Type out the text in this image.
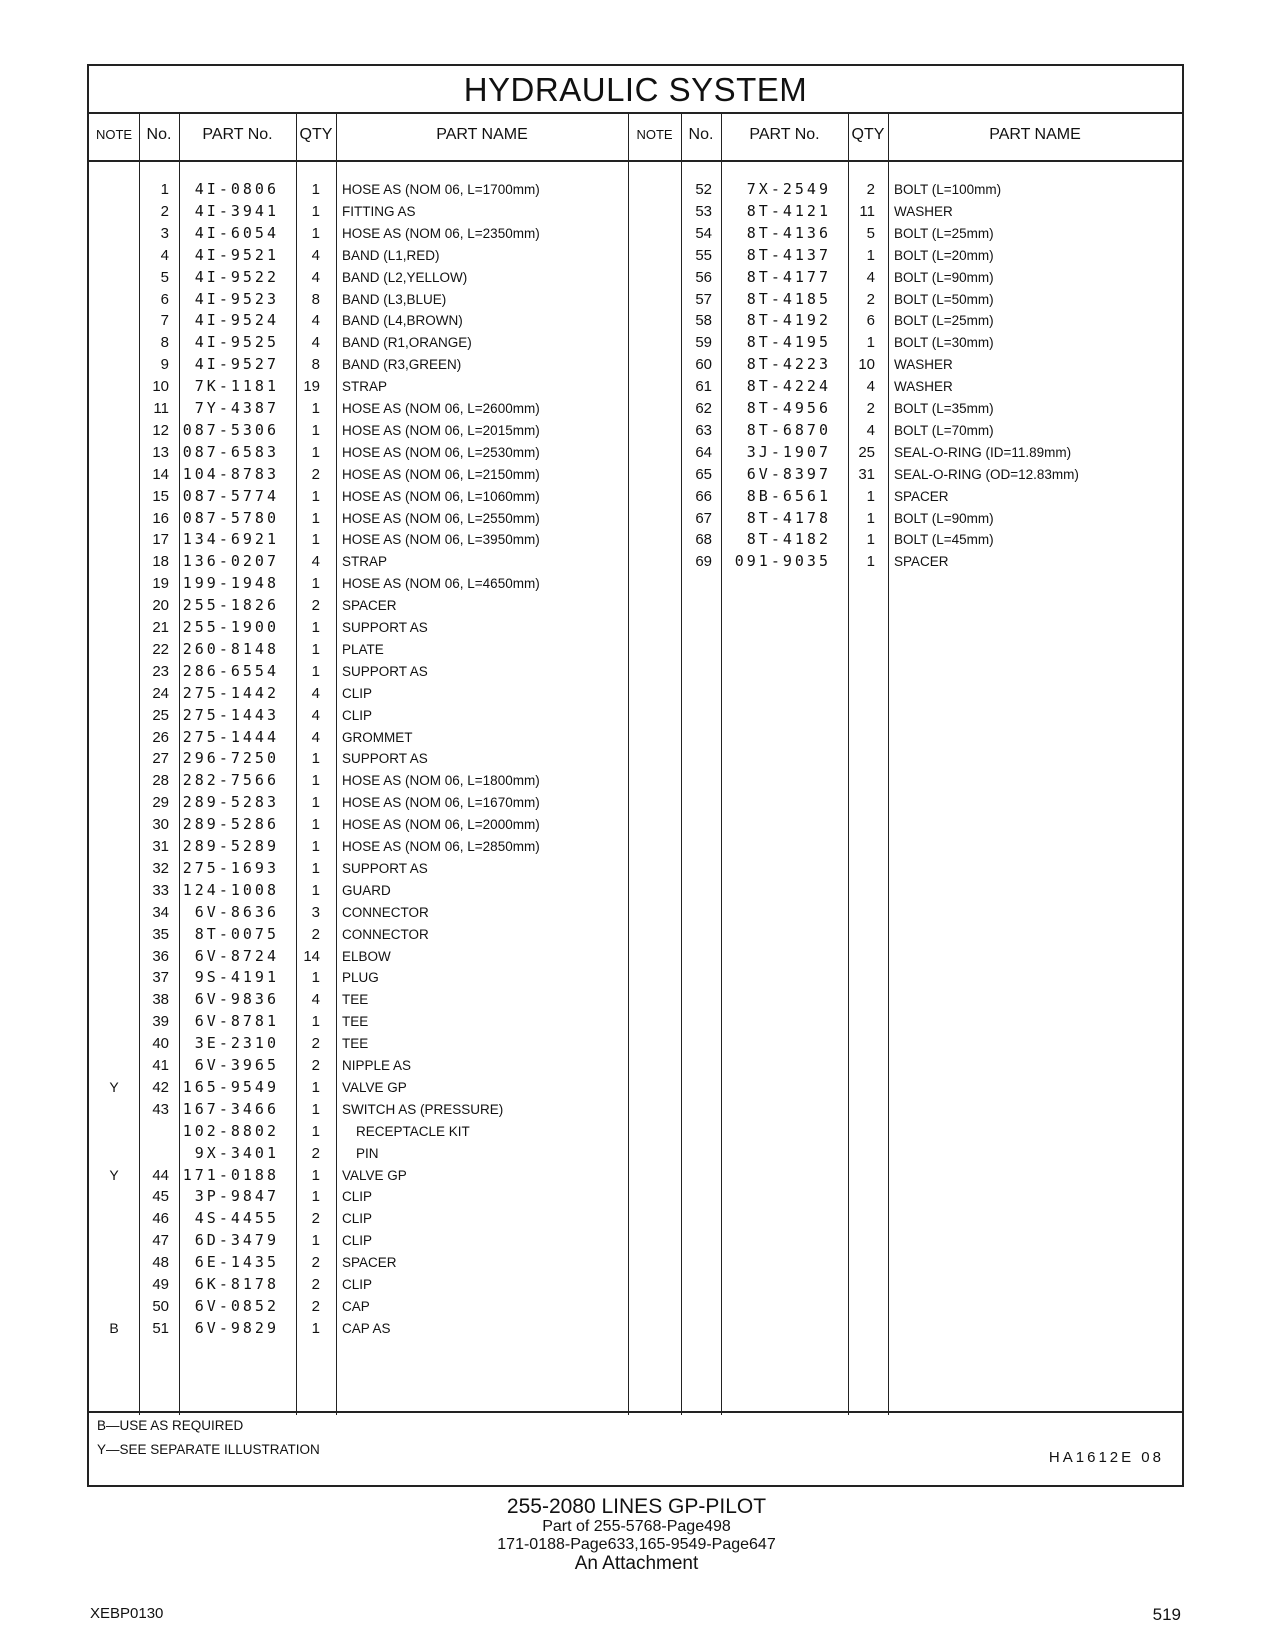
HYDRAULIC SYSTEM
NOTE No.	PART No.	QTY	PART NAME	NOTE No.	PART No.	QTY	PART NAME
1	4I-0806	1 HOSE AS (NOM 06, L=1700mm)
2	4I-3941	1 FITTING AS
3	4I-6054	1 HOSE AS (NOM 06, L=2350mm)
4	4I-9521	4 BAND (L1,RED)
5	4I-9522	4 BAND (L2,YELLOW)
6	4I-9523	8 BAND (L3,BLUE)
7	4I-9524	4 BAND (L4,BROWN)
8	4I-9525	4 BAND (R1,ORANGE)
9	4I-9527	8 BAND (R3,GREEN)
10	7K-1181	19 STRAP
11	7Y-4387	1 HOSE AS (NOM 06, L=2600mm)
12 087-5306	1 HOSE AS (NOM 06, L=2015mm)
13 087-6583	1 HOSE AS (NOM 06, L=2530mm)
14 104-8783	2 HOSE AS (NOM 06, L=2150mm)
15 087-5774	1 HOSE AS (NOM 06, L=1060mm)
16 087-5780	1 HOSE AS (NOM 06, L=2550mm)
17 134-6921	1 HOSE AS (NOM 06, L=3950mm)
18 136-0207	4 STRAP
19 199-1948	1 HOSE AS (NOM 06, L=4650mm)
20 255-1826	2 SPACER
21 255-1900	1 SUPPORT AS
22 260-8148	1 PLATE
23 286-6554	1 SUPPORT AS
24 275-1442	4 CLIP
25 275-1443	4 CLIP
26 275-1444	4 GROMMET
27 296-7250	1 SUPPORT AS
28 282-7566	1 HOSE AS (NOM 06, L=1800mm)
29 289-5283	1 HOSE AS (NOM 06, L=1670mm)
30 289-5286	1 HOSE AS (NOM 06, L=2000mm)
31 289-5289	1 HOSE AS (NOM 06, L=2850mm)
32 275-1693	1 SUPPORT AS
33 124-1008	1 GUARD
34	6V-8636	3 CONNECTOR
35	8T-0075	2 CONNECTOR
36	6V-8724	14 ELBOW
37	9S-4191	1 PLUG
38	6V-9836	4 TEE
39	6V-8781	1 TEE
40	3E-2310	2 TEE
41	6V-3965	2 NIPPLE AS
Y	42 165-9549	1 VALVE GP
43 167-3466	1 SWITCH AS (PRESSURE)
102-8802	1	RECEPTACLE KIT
9X-3401	2	PIN
Y	44 171-0188	1 VALVE GP
45	3P-9847	1 CLIP
46	4S-4455	2 CLIP
47	6D-3479	1 CLIP
48	6E-1435	2 SPACER
49	6K-8178	2 CLIP
50	6V-0852	2 CAP
B	51	6V-9829	1 CAP AS
52	7X-2549	2 BOLT (L=100mm)
53	8T-4121	11 WASHER
54	8T-4136	5 BOLT (L=25mm)
55	8T-4137	1 BOLT (L=20mm)
56	8T-4177	4 BOLT (L=90mm)
57	8T-4185	2 BOLT (L=50mm)
58	8T-4192	6 BOLT (L=25mm)
59	8T-4195	1 BOLT (L=30mm)
60	8T-4223	10 WASHER
61	8T-4224	4 WASHER
62	8T-4956	2 BOLT (L=35mm)
63	8T-6870	4 BOLT (L=70mm)
64	3J-1907	25 SEAL-O-RING (ID=11.89mm)
65	6V-8397	31 SEAL-O-RING (OD=12.83mm)
66	8B-6561	1 SPACER
67	8T-4178	1 BOLT (L=90mm)
68	8T-4182	1 BOLT (L=45mm)
69	091-9035	1 SPACER
B—USE AS REQUIRED
Y—SEE SEPARATE ILLUSTRATION	HA1612E 08
255-2080 LINES GP-PILOT
Part of 255-5768-Page498
171-0188-Page633,165-9549-Page647
An Attachment
XEBP0130	519
